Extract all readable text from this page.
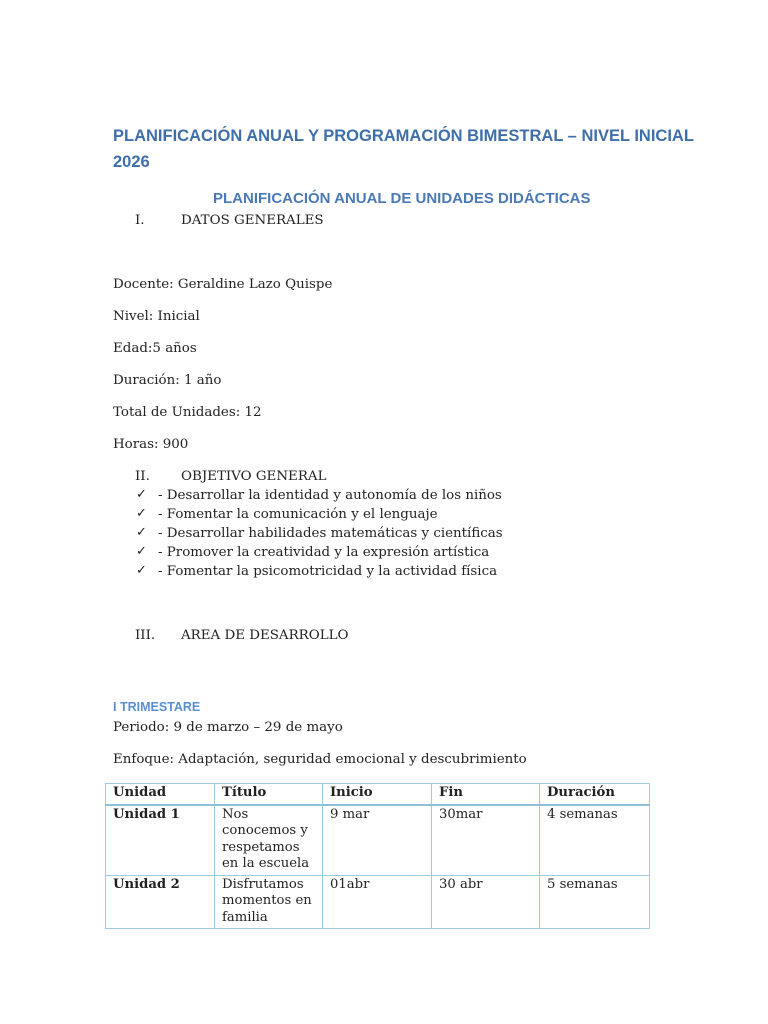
PLANIFICACIÓN ANUAL Y PROGRAMACIÓN BIMESTRAL – NIVEL INICIAL
2026
PLANIFICACIÓN ANUAL DE UNIDADES DIDÁCTICAS
I.	DATOS GENERALES
Docente: Geraldine Lazo Quispe
Nivel: Inicial
Edad:5 años
Duración: 1 año
Total de Unidades: 12
Horas: 900
II. OBJETIVO GENERAL
✓ - Desarrollar la identidad y autonomía de los niños
✓ - Fomentar la comunicación y el lenguaje
✓ - Desarrollar habilidades matemáticas y científicas
✓ - Promover la creatividad y la expresión artística
✓ - Fomentar la psicomotricidad y la actividad física
III. AREA DE DESARROLLO
I TRIMESTARE
Periodo: 9 de marzo – 29 de mayo
Enfoque: Adaptación, seguridad emocional y descubrimiento
Unidad	Título	Inicio	Fin	Duración
Unidad 1	Nos conocemos y respetamos en la escuela	9 mar	30mar	4 semanas
Unidad 2	Disfrutamos momentos en familia	01abr	30 abr	5 semanas
